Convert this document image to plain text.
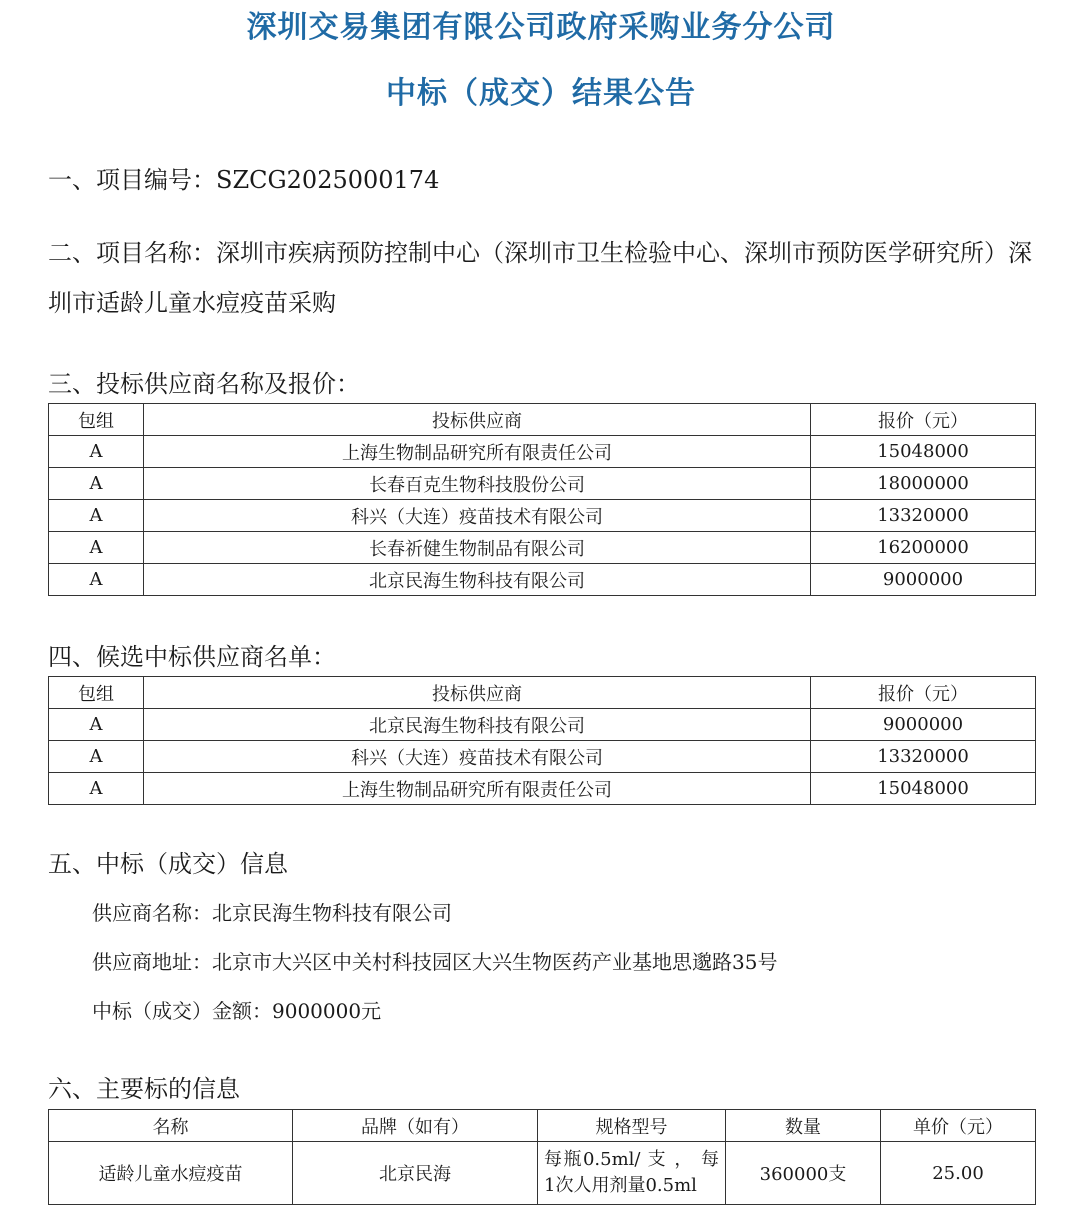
深圳交易集团有限公司政府采购业务分公司
中标（成交）结果公告

一、项目编号：SZCG2025000174

二、项目名称：深圳市疾病预防控制中心（深圳市卫生检验中心、深圳市预防医学研究所）深圳市适龄儿童水痘疫苗采购

三、投标供应商名称及报价：

包组	投标供应商	报价（元）
A	上海生物制品研究所有限责任公司	15048000
A	长春百克生物科技股份公司	18000000
A	科兴（大连）疫苗技术有限公司	13320000
A	长春祈健生物制品有限公司	16200000
A	北京民海生物科技有限公司	9000000

四、候选中标供应商名单：

包组	投标供应商	报价（元）
A	北京民海生物科技有限公司	9000000
A	科兴（大连）疫苗技术有限公司	13320000
A	上海生物制品研究所有限责任公司	15048000

五、中标（成交）信息

供应商名称：北京民海生物科技有限公司

供应商地址：北京市大兴区中关村科技园区大兴生物医药产业基地思邈路35号

中标（成交）金额：9000000元

六、主要标的信息

名称	品牌（如有）	规格型号	数量	单价（元）
适龄儿童水痘疫苗	北京民海	每瓶0.5ml/ 支 ， 每1次人用剂量0.5ml	360000支	25.00
